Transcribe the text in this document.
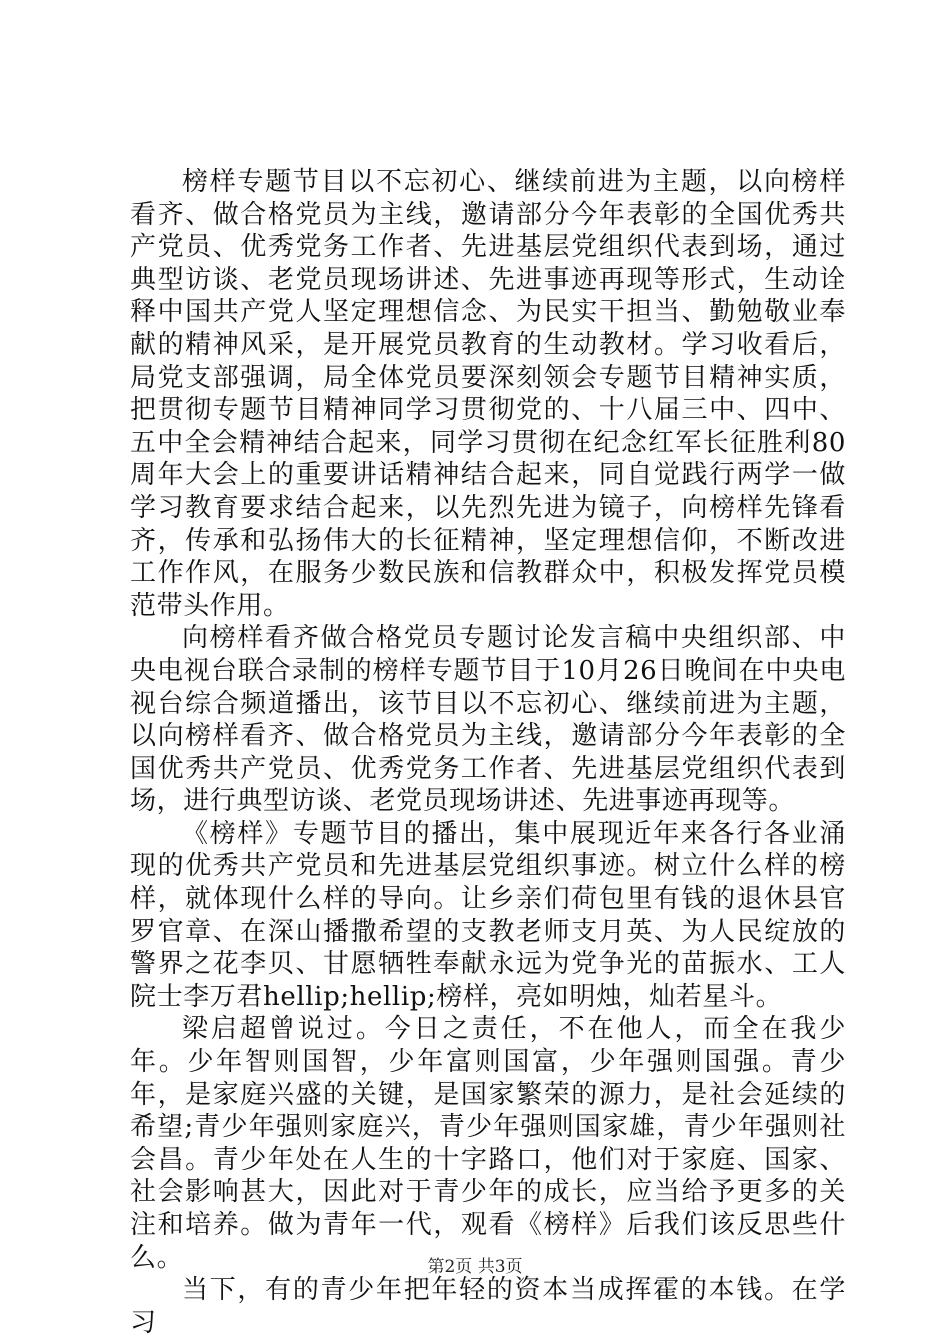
榜样专题节目以不忘初心、继续前进为主题，以向榜样看齐、做合格党员为主线，邀请部分今年表彰的全国优秀共产党员、优秀党务工作者、先进基层党组织代表到场，通过典型访谈、老党员现场讲述、先进事迹再现等形式，生动诠释中国共产党人坚定理想信念、为民实干担当、勤勉敬业奉献的精神风采，是开展党员教育的生动教材。学习收看后，局党支部强调，局全体党员要深刻领会专题节目精神实质，把贯彻专题节目精神同学习贯彻党的、十八届三中、四中、五中全会精神结合起来，同学习贯彻在纪念红军长征胜利80周年大会上的重要讲话精神结合起来，同自觉践行两学一做学习教育要求结合起来，以先烈先进为镜子，向榜样先锋看齐，传承和弘扬伟大的长征精神，坚定理想信仰，不断改进工作作风，在服务少数民族和信教群众中，积极发挥党员模范带头作用。

向榜样看齐做合格党员专题讨论发言稿中央组织部、中央电视台联合录制的榜样专题节目于10月26日晚间在中央电视台综合频道播出，该节目以不忘初心、继续前进为主题，以向榜样看齐、做合格党员为主线，邀请部分今年表彰的全国优秀共产党员、优秀党务工作者、先进基层党组织代表到场，进行典型访谈、老党员现场讲述、先进事迹再现等。

《榜样》专题节目的播出，集中展现近年来各行各业涌现的优秀共产党员和先进基层党组织事迹。树立什么样的榜样，就体现什么样的导向。让乡亲们荷包里有钱的退休县官罗官章、在深山播撒希望的支教老师支月英、为人民绽放的警界之花李贝、甘愿牺牲奉献永远为党争光的苗振水、工人院士李万君hellip;hellip;榜样，亮如明烛，灿若星斗。

梁启超曾说过。今日之责任，不在他人，而全在我少年。少年智则国智，少年富则国富，少年强则国强。青少年，是家庭兴盛的关键，是国家繁荣的源力，是社会延续的希望;青少年强则家庭兴，青少年强则国家雄，青少年强则社会昌。青少年处在人生的十字路口，他们对于家庭、国家、社会影响甚大，因此对于青少年的成长，应当给予更多的关注和培养。做为青年一代，观看《榜样》后我们该反思些什么。

当下，有的青少年把年轻的资本当成挥霍的本钱。在学习

第2页 共3页
